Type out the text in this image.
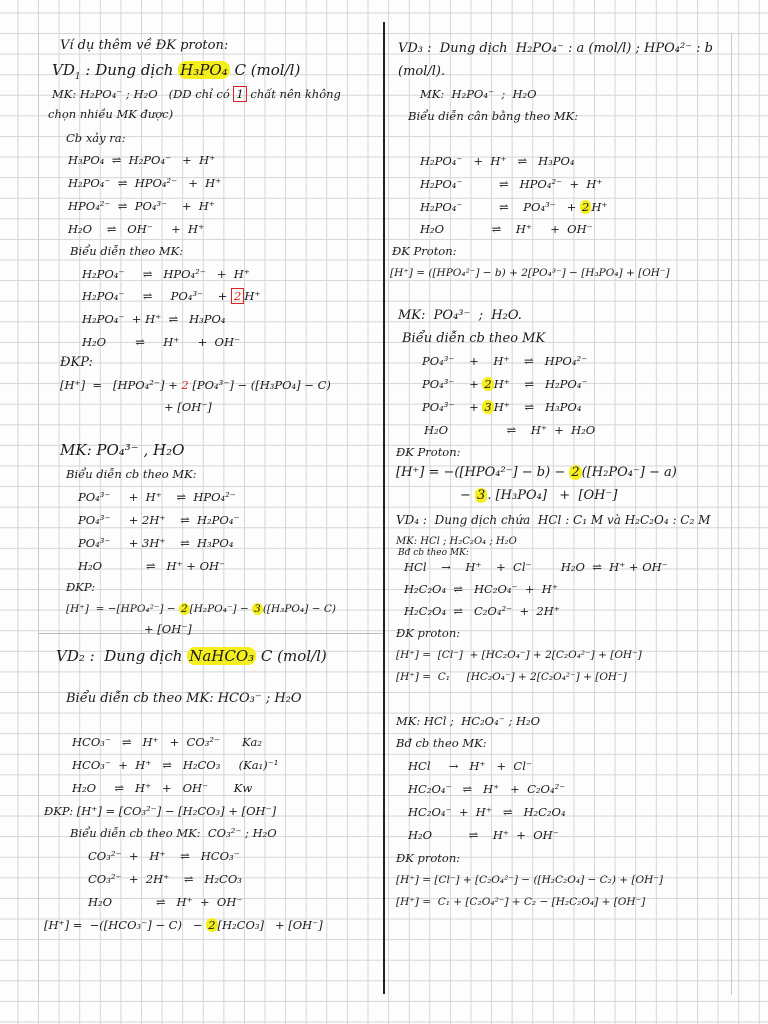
Ví dụ thêm về ĐK proton:
$VD_1$ : Dung dịch H₃PO₄ C (mol/l)
MK: H₂PO₄⁻ ; H₂O (DD chỉ có 1 chất nên không
chọn nhiều MK được)
Cb xảy ra:
H₃PO₄  ⇌  H₂PO₄⁻   +  H⁺
H₂PO₄⁻  ⇌  HPO₄²⁻   +  H⁺
HPO₄²⁻  ⇌  PO₄³⁻    +  H⁺
H₂O    ⇌   OH⁻     +  H⁺
Biểu diễn theo MK:
H₂PO₄⁻     ⇌   HPO₄²⁻   +  H⁺
H₂PO₄⁻     ⇌     PO₄³⁻    + 2 H⁺
H₂PO₄⁻  + H⁺  ⇌   H₃PO₄
H₂O        ⇌     H⁺     +  OH⁻
ĐKP:
[H⁺]  =   [HPO₄²⁻] + 2 [PO₄³⁻] − ([H₃PO₄] − C)
+ [OH⁻]
MK: PO₄³⁻ , H₂O
Biểu diễn cb theo MK:
PO₄³⁻     +  H⁺    ⇌  HPO₄²⁻
PO₄³⁻     + 2H⁺    ⇌  H₂PO₄⁻
PO₄³⁻     + 3H⁺    ⇌  H₃PO₄
H₂O            ⇌   H⁺ + OH⁻
ĐKP:
[H⁺]  = −[HPO₄²⁻] − 2 [H₂PO₄⁻] − 3 ([H₃PO₄] − C)
+ [OH⁻]
VD₂ :  Dung dịch NaHCO₃ C (mol/l)
Biểu diễn cb theo MK: HCO₃⁻ ; H₂O
HCO₃⁻   ⇌   H⁺   +  CO₃²⁻      Ka₂
HCO₃⁻  +  H⁺   ⇌   H₂CO₃     (Ka₁)⁻¹
H₂O     ⇌   H⁺   +   OH⁻       Kw
ĐKP: [H⁺] = [CO₃²⁻] − [H₂CO₃] + [OH⁻]
Biểu diễn cb theo MK:  CO₃²⁻ ; H₂O
CO₃²⁻  +   H⁺    ⇌   HCO₃⁻
CO₃²⁻  +  2H⁺    ⇌   H₂CO₃
H₂O            ⇌   H⁺  +  OH⁻
[H⁺] =  −([HCO₃⁻] − C)   − 2 [H₂CO₃]   + [OH⁻]
VD₃ :  Dung dịch  H₂PO₄⁻ : a (mol/l) ; HPO₄²⁻ : b
(mol/l).
MK:  H₂PO₄⁻  ;  H₂O
Biểu diễn cân bằng theo MK:
H₂PO₄⁻   +  H⁺   ⇌   H₃PO₄
H₂PO₄⁻          ⇌   HPO₄²⁻  +  H⁺
H₂PO₄⁻          ⇌    PO₄³⁻   + 2 H⁺
H₂O             ⇌    H⁺     +  OH⁻
ĐK Proton:
[H⁺] = ([HPO₄²⁻] − b) + 2[PO₄³⁻] − [H₃PO₄] + [OH⁻]
MK:  PO₄³⁻  ;  H₂O.
Biểu diễn cb theo MK
PO₄³⁻    +    H⁺    ⇌   HPO₄²⁻
PO₄³⁻    + 2 H⁺    ⇌   H₂PO₄⁻
PO₄³⁻    + 3 H⁺    ⇌   H₃PO₄
H₂O                ⇌    H⁺  +  H₂O
ĐK Proton:
[H⁺] = −([HPO₄²⁻] − b) − 2 ([H₂PO₄⁻] − a)
− 3 . [H₃PO₄]   +  [OH⁻]
VD₄ :  Dung dịch chứa  HCl : C₁ M và H₂C₂O₄ : C₂ M
MK: HCl ; H₂C₂O₄ ; H₂O
Bđ cb theo MK:
HCl    →    H⁺    +  Cl⁻        H₂O  ⇌  H⁺ + OH⁻
H₂C₂O₄  ⇌   HC₂O₄⁻  +  H⁺
H₂C₂O₄  ⇌   C₂O₄²⁻  +  2H⁺
ĐK proton:
[H⁺] =  [Cl⁻]  + [HC₂O₄⁻] + 2[C₂O₄²⁻] + [OH⁻]
[H⁺] =  C₁     [HC₂O₄⁻] + 2[C₂O₄²⁻] + [OH⁻]
MK: HCl ;  HC₂O₄⁻ ; H₂O
Bđ cb theo MK:
HCl     →   H⁺   +  Cl⁻
HC₂O₄⁻   ⇌   H⁺   +  C₂O₄²⁻
HC₂O₄⁻  +  H⁺   ⇌   H₂C₂O₄
H₂O          ⇌    H⁺  +  OH⁻
ĐK proton:
[H⁺] = [Cl⁻] + [C₂O₄²⁻] − ([H₂C₂O₄] − C₂) + [OH⁻]
[H⁺] =  C₁ + [C₂O₄²⁻] + C₂ − [H₂C₂O₄] + [OH⁻]
